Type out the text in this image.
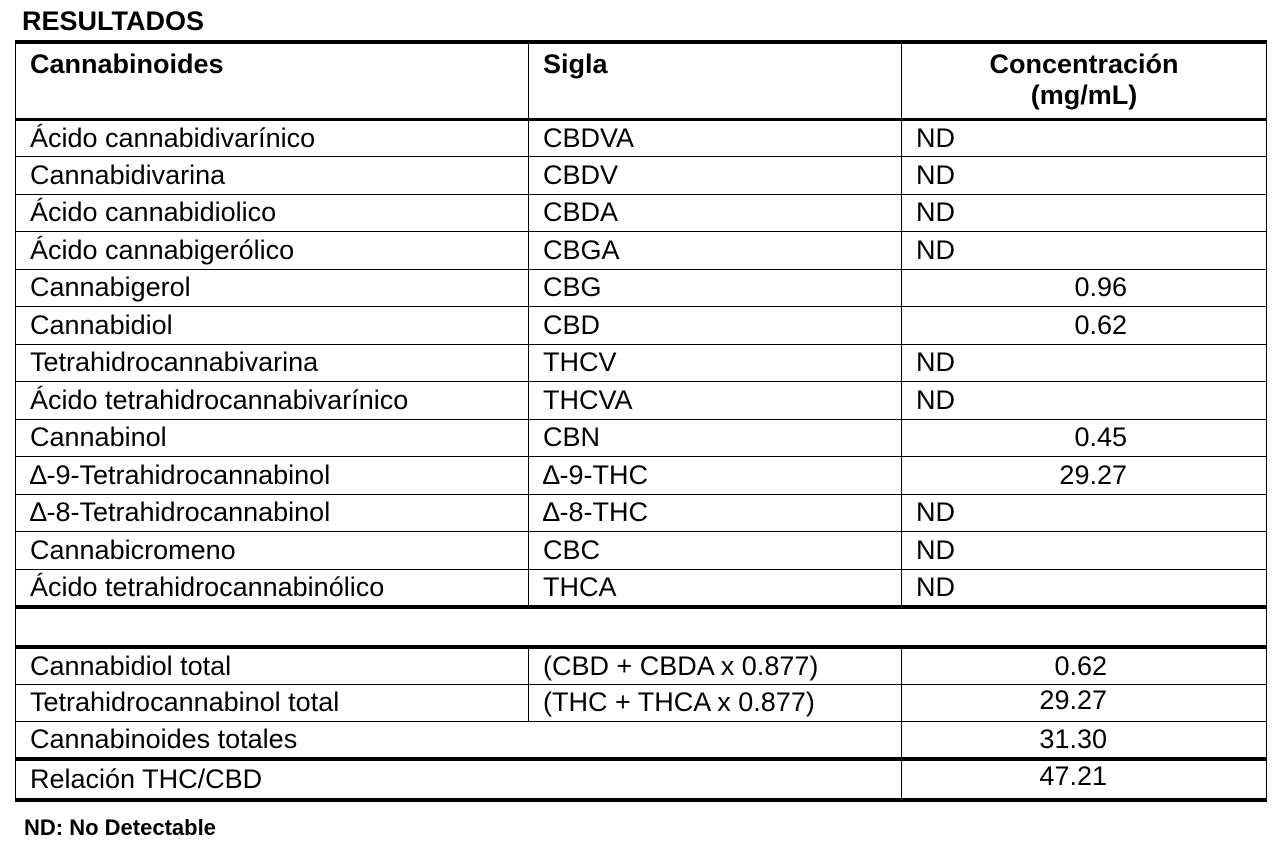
RESULTADOS
Cannabinoides	Sigla	Concentración
(mg/mL)
Ácido cannabidivarínico	CBDVA	ND
Cannabidivarina	CBDV	ND
Ácido cannabidiolico	CBDA	ND
Ácido cannabigerólico	CBGA	ND
Cannabigerol	CBG	0.96
Cannabidiol	CBD	0.62
Tetrahidrocannabivarina	THCV	ND
Ácido tetrahidrocannabivarínico	THCVA	ND
Cannabinol	CBN	0.45
∆-9-Tetrahidrocannabinol	∆-9-THC	29.27
∆-8-Tetrahidrocannabinol	∆-8-THC	ND
Cannabicromeno	CBC	ND
Ácido tetrahidrocannabinólico	THCA	ND

Cannabidiol total	(CBD + CBDA x 0.877)	0.62
Tetrahidrocannabinol total	(THC + THCA x 0.877)	29.27
Cannabinoides totales		31.30
Relación THC/CBD		47.21
ND: No Detectable
